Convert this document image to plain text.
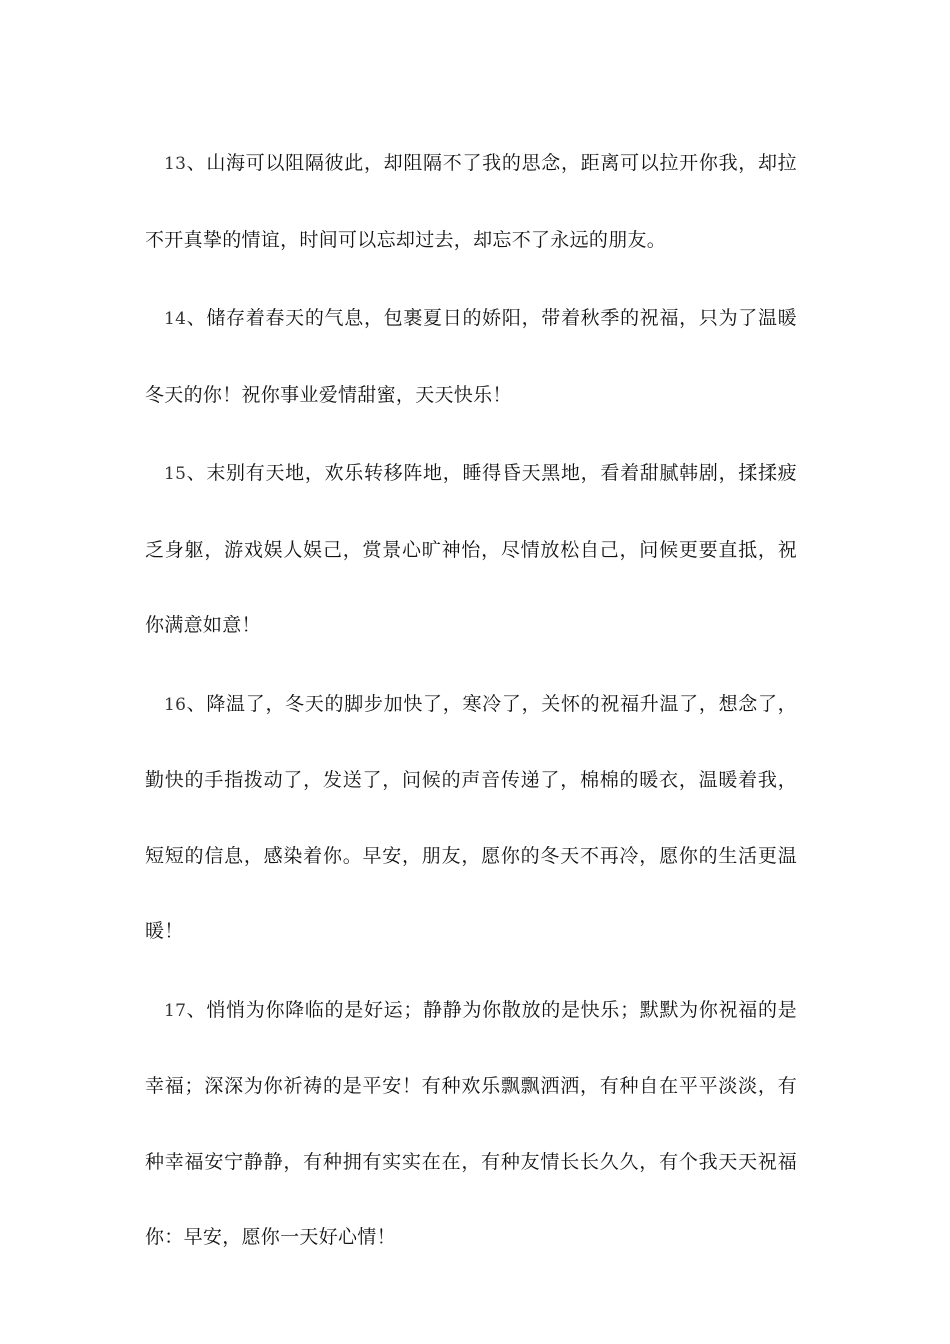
13、山海可以阻隔彼此，却阻隔不了我的思念，距离可以拉开你我，却拉不开真挚的情谊，时间可以忘却过去，却忘不了永远的朋友。

14、储存着春天的气息，包裹夏日的娇阳，带着秋季的祝福，只为了温暖冬天的你！祝你事业爱情甜蜜，天天快乐！

15、末别有天地，欢乐转移阵地，睡得昏天黑地，看着甜腻韩剧，揉揉疲乏身躯，游戏娱人娱己，赏景心旷神怡，尽情放松自己，问候更要直抵，祝你满意如意！

16、降温了，冬天的脚步加快了，寒冷了，关怀的祝福升温了，想念了，勤快的手指拨动了，发送了，问候的声音传递了，棉棉的暖衣，温暖着我，短短的信息，感染着你。早安，朋友，愿你的冬天不再冷，愿你的生活更温暖！

17、悄悄为你降临的是好运；静静为你散放的是快乐；默默为你祝福的是幸福；深深为你祈祷的是平安！有种欢乐飘飘洒洒，有种自在平平淡淡，有种幸福安宁静静，有种拥有实实在在，有种友情长长久久，有个我天天祝福你：早安，愿你一天好心情！
